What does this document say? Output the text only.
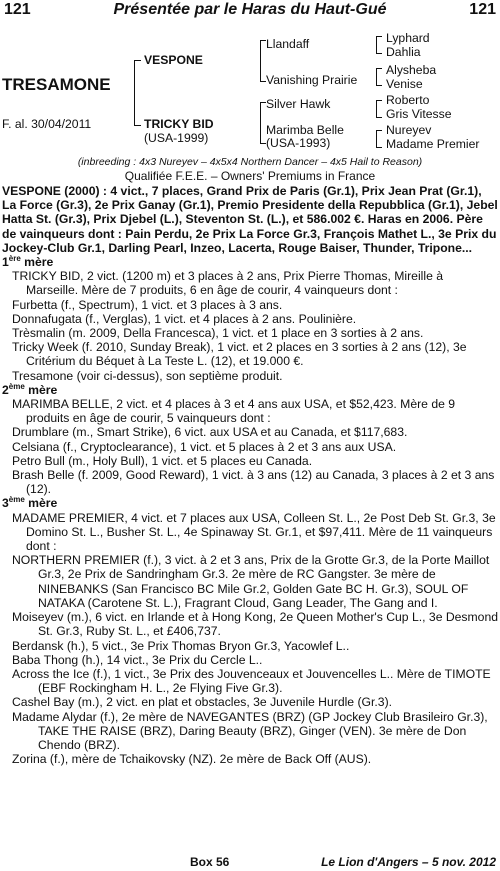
121	Présentée par le Haras du Haut-Gué	121
TRESAMONE
F. al. 30/04/2011
VESPONE
TRICKY BID
(USA-1999)
Llandaff
Vanishing Prairie
Silver Hawk
Marimba Belle
(USA-1993)
Lyphard
Dahlia
Alysheba
Venise
Roberto
Gris Vitesse
Nureyev
Madame Premier
(inbreeding : 4x3 Nureyev – 4x5x4 Northern Dancer – 4x5 Hail to Reason)
Qualifiée F.E.E. – Owners' Premiums in France

VESPONE (2000) : 4 vict., 7 places, Grand Prix de Paris (Gr.1), Prix Jean Prat (Gr.1), La Force (Gr.3), 2e Prix Ganay (Gr.1), Premio Presidente della Repubblica (Gr.1), Jebel Hatta St. (Gr.3), Prix Djebel (L.), Steventon St. (L.), et 586.002 €. Haras en 2006. Père de vainqueurs dont : Pain Perdu, 2e Prix La Force Gr.3, François Mathet L., 3e Prix du Jockey-Club Gr.1, Darling Pearl, Inzeo, Lacerta, Rouge Baiser, Thunder, Tripone...

1ère mère

TRICKY BID, 2 vict. (1200 m) et 3 places à 2 ans, Prix Pierre Thomas, Mireille à Marseille. Mère de 7 produits, 6 en âge de courir, 4 vainqueurs dont :

Furbetta (f., Spectrum), 1 vict. et 3 places à 3 ans.

Donnafugata (f., Verglas), 1 vict. et 4 places à 2 ans. Poulinière.

Trèsmalin (m. 2009, Della Francesca), 1 vict. et 1 place en 3 sorties à 2 ans.

Tricky Week (f. 2010, Sunday Break), 1 vict. et 2 places en 3 sorties à 2 ans (12), 3e Critérium du Béquet à La Teste L. (12), et 19.000 €.

Tresamone (voir ci-dessus), son septième produit.

2ème mère

MARIMBA BELLE, 2 vict. et 4 places à 3 et 4 ans aux USA, et $52,423. Mère de 9 produits en âge de courir, 5 vainqueurs dont :

Drumblare (m., Smart Strike), 6 vict. aux USA et au Canada, et $117,683.

Celsiana (f., Cryptoclearance), 1 vict. et 5 places à 2 et 3 ans aux USA.

Petro Bull (m., Holy Bull), 1 vict. et 5 places eu Canada.

Brash Belle (f. 2009, Good Reward), 1 vict. à 3 ans (12) au Canada, 3 places à 2 et 3 ans (12).

3ème mère

MADAME PREMIER, 4 vict. et 7 places aux USA, Colleen St. L., 2e Post Deb St. Gr.3, 3e Domino St. L., Busher St. L., 4e Spinaway St. Gr.1, et $97,411. Mère de 11 vainqueurs dont :

NORTHERN PREMIER (f.), 3 vict. à 2 et 3 ans, Prix de la Grotte Gr.3, de la Porte Maillot Gr.3, 2e Prix de Sandringham Gr.3. 2e mère de RC Gangster. 3e mère de NINEBANKS (San Francisco BC Mile Gr.2, Golden Gate BC H. Gr.3), SOUL OF NATAKA (Carotene St. L.), Fragrant Cloud, Gang Leader, The Gang and I.

Moiseyev (m.), 6 vict. en Irlande et à Hong Kong, 2e Queen Mother's Cup L., 3e Desmond St. Gr.3, Ruby St. L., et £406,737.

Berdansk (h.), 5 vict., 3e Prix Thomas Bryon Gr.3, Yacowlef L..

Baba Thong (h.), 14 vict., 3e Prix du Cercle L..

Across the Ice (f.), 1 vict., 3e Prix des Jouvenceaux et Jouvencelles L.. Mère de TIMOTE (EBF Rockingham H. L., 2e Flying Five Gr.3).

Cashel Bay (m.), 2 vict. en plat et obstacles, 3e Juvenile Hurdle (Gr.3).

Madame Alydar (f.), 2e mère de NAVEGANTES (BRZ) (GP Jockey Club Brasileiro Gr.3), TAKE THE RAISE (BRZ), Daring Beauty (BRZ), Ginger (VEN). 3e mère de Don Chendo (BRZ).

Zorina (f.), mère de Tchaikovsky (NZ). 2e mère de Back Off (AUS).

Box 56	Le Lion d'Angers – 5 nov. 2012
